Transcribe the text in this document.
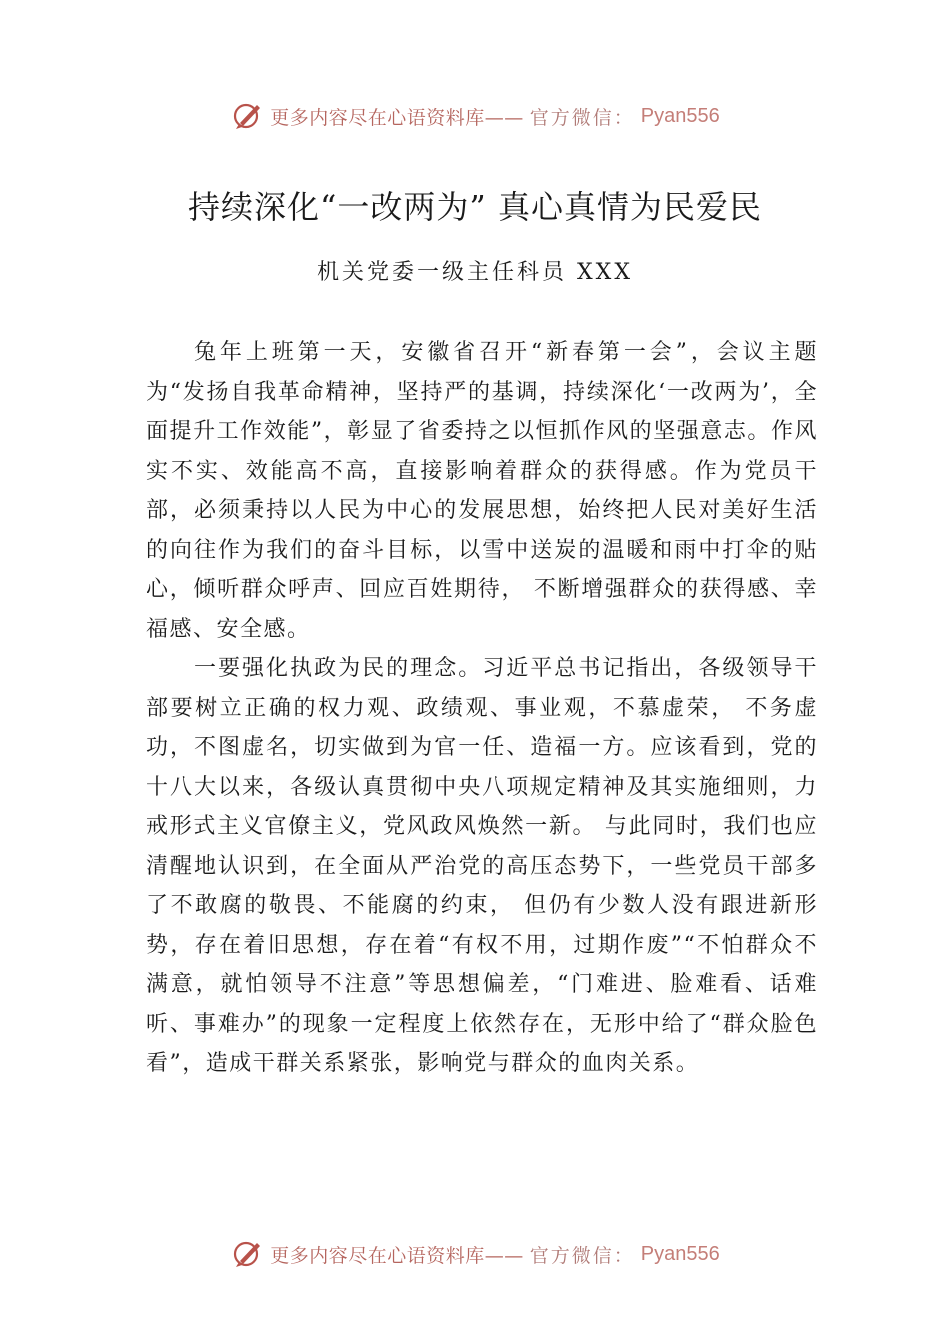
更多内容尽在心语资料库—— 官方微信： Pyan556
持续深化“一改两为” 真心真情为民爱民
机关党委一级主任科员 XXX

兔年上班第一天，安徽省召开“新春第一会”，会议主题为“发扬自我革命精神，坚持严的基调，持续深化‘一改两为’，全面提升工作效能”，彰显了省委持之以恒抓作风的坚强意志。作风实不实、效能高不高，直接影响着群众的获得感。作为党员干部，必须秉持以人民为中心的发展思想，始终把人民对美好生活的向往作为我们的奋斗目标，以雪中送炭的温暖和雨中打伞的贴心，倾听群众呼声、回应百姓期待， 不断增强群众的获得感、幸福感、安全感。

一要强化执政为民的理念。习近平总书记指出，各级领导干部要树立正确的权力观、政绩观、事业观，不慕虚荣， 不务虚功，不图虚名，切实做到为官一任、造福一方。应该看到，党的十八大以来，各级认真贯彻中央八项规定精神及其实施细则，力戒形式主义官僚主义，党风政风焕然一新。 与此同时，我们也应清醒地认识到，在全面从严治党的高压态势下，一些党员干部多了不敢腐的敬畏、不能腐的约束， 但仍有少数人没有跟进新形势，存在着旧思想，存在着“有权不用，过期作废”“不怕群众不满意，就怕领导不注意”等思想偏差，“门难进、脸难看、话难听、事难办”的现象一定程度上依然存在，无形中给了“群众脸色看”，造成干群关系紧张，影响党与群众的血肉关系。

更多内容尽在心语资料库—— 官方微信： Pyan556
